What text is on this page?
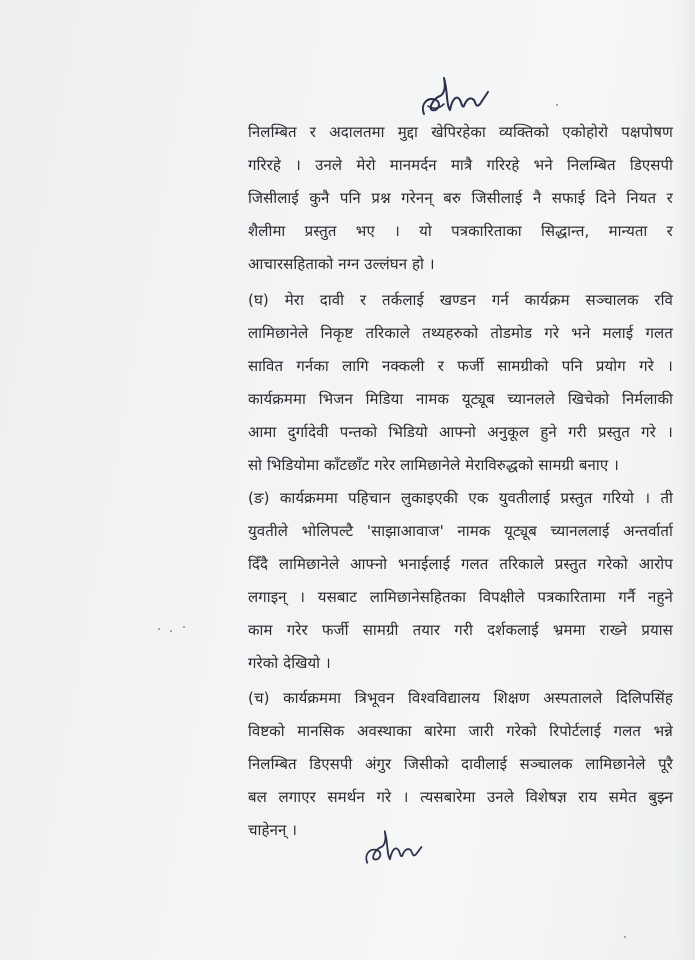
निलम्बित र अदालतमा मुद्दा खेपिरहेका व्यक्तिको एकोहोरो पक्षपोषण
गरिरहे । उनले मेरो मानमर्दन मात्रै गरिरहे भने निलम्बित डिएसपी
जिसीलाई कुनै पनि प्रश्न गरेनन् बरु जिसीलाई नै सफाई दिने नियत र
शैलीमा प्रस्तुत भए । यो पत्रकारिताका सिद्धान्त, मान्यता र
आचारसहिताको नग्न उल्लंघन हो ।
(घ) मेरा दावी र तर्कलाई खण्डन गर्न कार्यक्रम सञ्चालक रवि
लामिछानेले निकृष्ट तरिकाले तथ्यहरुको तोडमोड गरे भने मलाई गलत
सावित गर्नका लागि नक्कली र फर्जी सामग्रीको पनि प्रयोग गरे ।
कार्यक्रममा भिजन मिडिया नामक यूट्यूब च्यानलले खिचेको निर्मलाकी
आमा दुर्गादेवी पन्तको भिडियो आफ्नो अनुकूल हुने गरी प्रस्तुत गरे ।
सो भिडियोमा काँटछाँट गरेर लामिछानेले मेराविरुद्धको सामग्री बनाए ।
(ङ) कार्यक्रममा पहिचान लुकाइएकी एक युवतीलाई प्रस्तुत गरियो । ती
युवतीले भोलिपल्टै 'साझाआवाज' नामक यूट्यूब च्यानललाई अन्तर्वार्ता
दिँदै लामिछानेले आफ्नो भनाईलाई गलत तरिकाले प्रस्तुत गरेको आरोप
लगाइन् । यसबाट लामिछानेसहितका विपक्षीले पत्रकारितामा गर्नै नहुने
काम गरेर फर्जी सामग्री तयार गरी दर्शकलाई भ्रममा राख्ने प्रयास
गरेको देखियो ।
(च) कार्यक्रममा त्रिभूवन विश्वविद्यालय शिक्षण अस्पतालले दिलिपसिंह
विष्टको मानसिक अवस्थाका बारेमा जारी गरेको रिपोर्टलाई गलत भन्ने
निलम्बित डिएसपी अंगुर जिसीको दावीलाई सञ्चालक लामिछानेले पूरै
बल लगाएर समर्थन गरे । त्यसबारेमा उनले विशेषज्ञ राय समेत बुझ्न
चाहेनन् ।
